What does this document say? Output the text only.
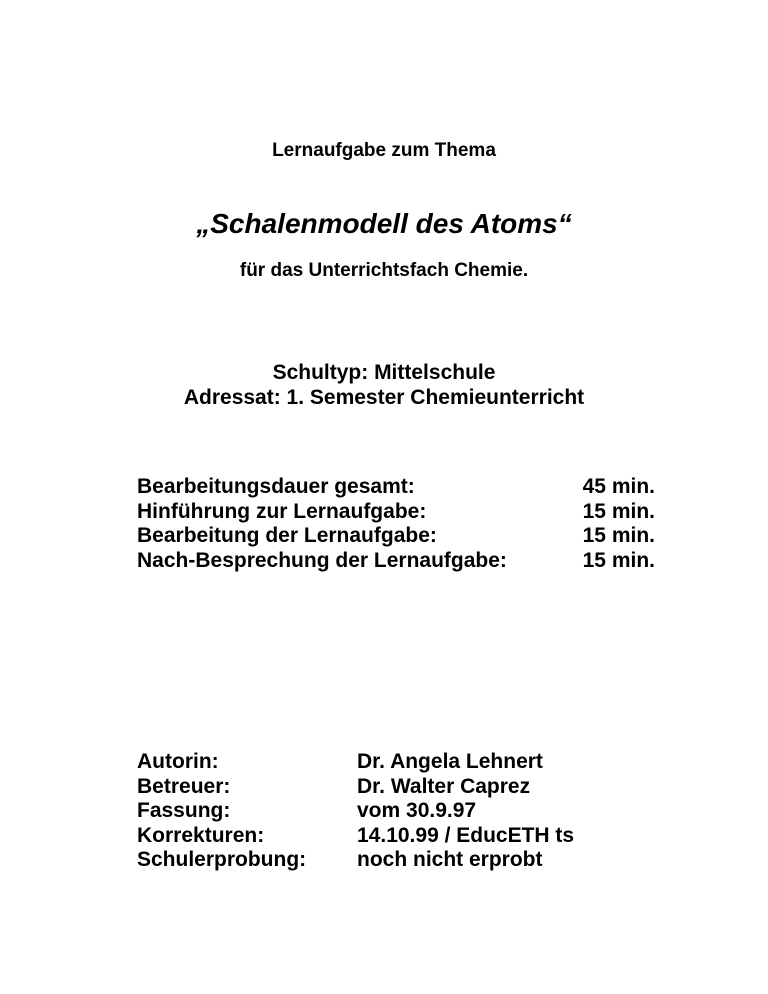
Lernaufgabe zum Thema
„Schalenmodell des Atoms“
für das Unterrichtsfach Chemie.
Schultyp: Mittelschule
Adressat: 1. Semester Chemieunterricht
Bearbeitungsdauer gesamt:	45 min.
Hinführung zur Lernaufgabe:	15 min.
Bearbeitung der Lernaufgabe:	15 min.
Nach-Besprechung der Lernaufgabe:	15 min.
Autorin:	Dr. Angela Lehnert
Betreuer:	Dr. Walter Caprez
Fassung:	vom 30.9.97
Korrekturen:	14.10.99 / EducETH ts
Schulerprobung:	noch nicht erprobt
